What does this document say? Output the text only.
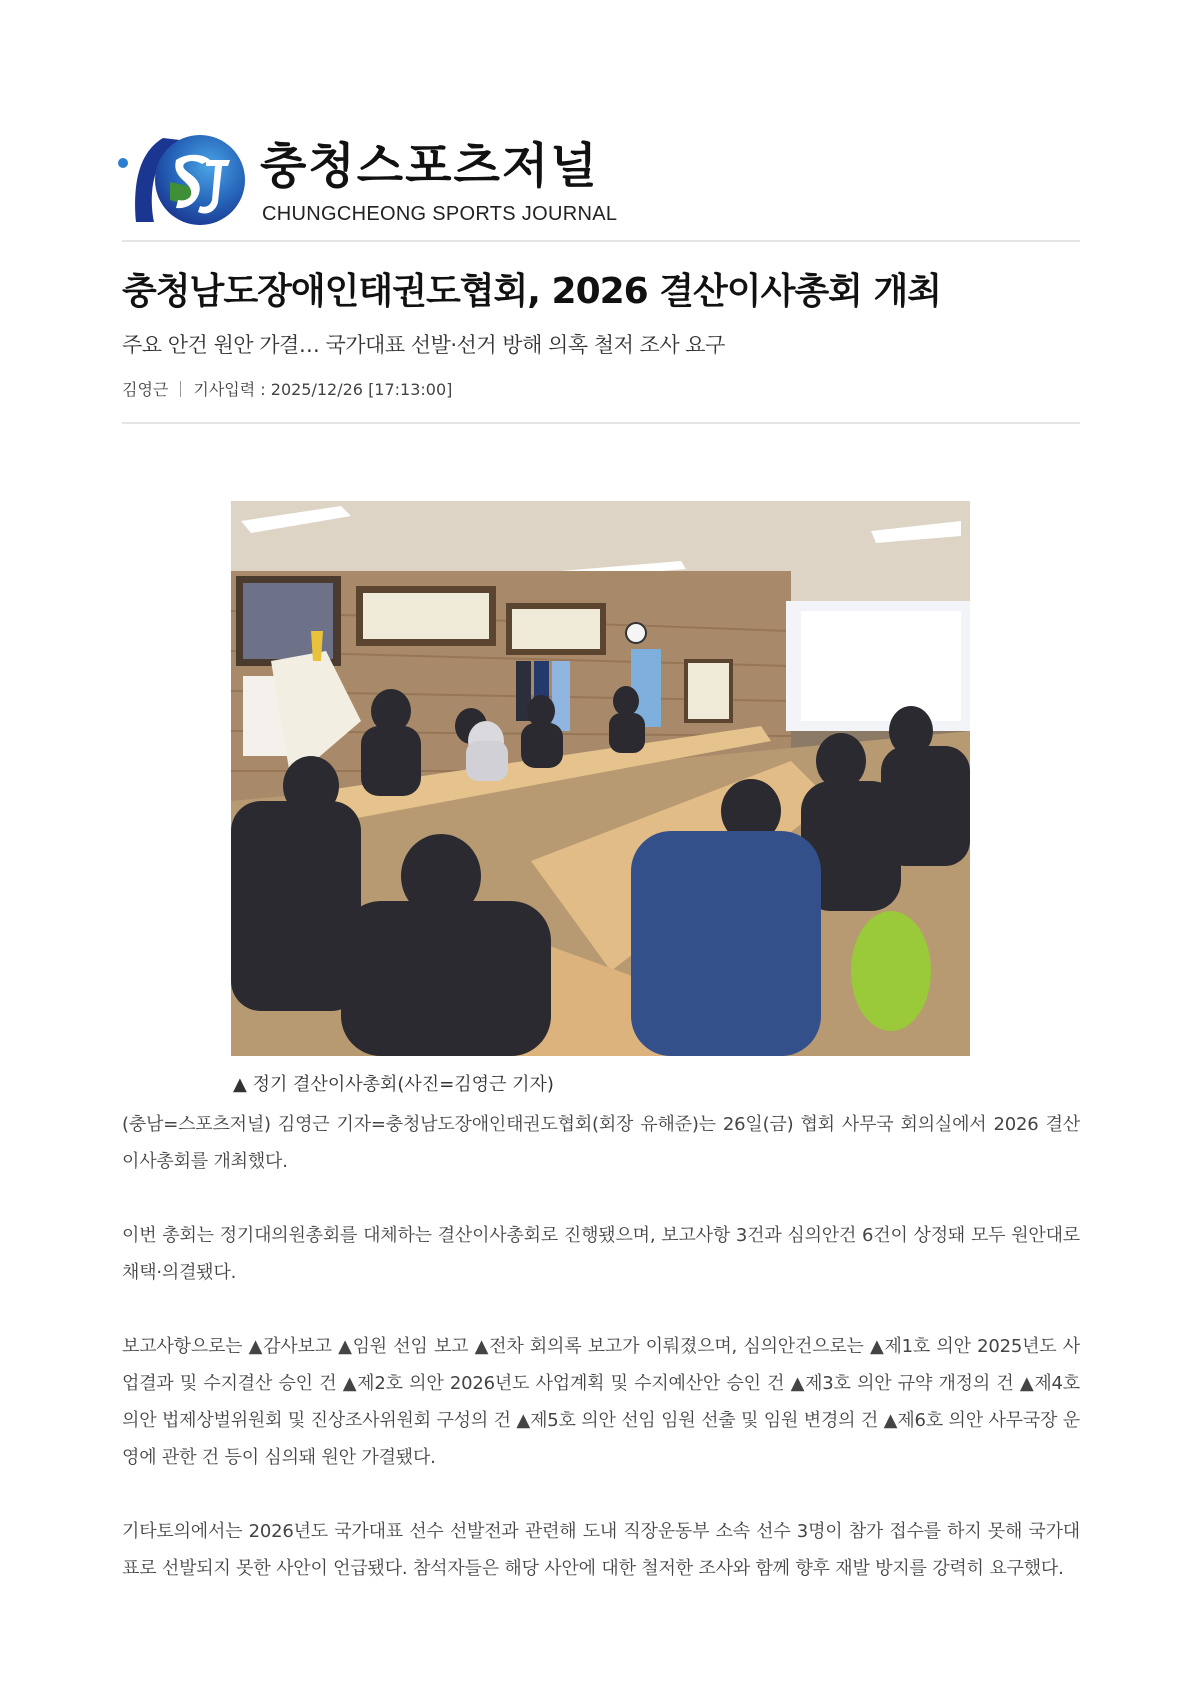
충청스포츠저널
CHUNGCHEONG SPORTS JOURNAL
충청남도장애인태권도협회, 2026 결산이사총회 개최
주요 안건 원안 가결… 국가대표 선발·선거 방해 의혹 철저 조사 요구
김영근 기사입력 : 2025/12/26 [17:13:00]
▲ 정기 결산이사총회(사진=김영근 기자)

(충남=스포츠저널) 김영근 기자=충청남도장애인태권도협회(회장 유해준)는 26일(금) 협회 사무국 회의실에서 2026 결산이사총회를 개최했다.

이번 총회는 정기대의원총회를 대체하는 결산이사총회로 진행됐으며, 보고사항 3건과 심의안건 6건이 상정돼 모두 원안대로 채택·의결됐다.

보고사항으로는 ▲감사보고 ▲임원 선임 보고 ▲전차 회의록 보고가 이뤄졌으며, 심의안건으로는 ▲제1호 의안 2025년도 사업결과 및 수지결산 승인 건 ▲제2호 의안 2026년도 사업계획 및 수지예산안 승인 건 ▲제3호 의안 규약 개정의 건 ▲제4호 의안 법제상벌위원회 및 진상조사위원회 구성의 건 ▲제5호 의안 선임 임원 선출 및 임원 변경의 건 ▲제6호 의안 사무국장 운영에 관한 건 등이 심의돼 원안 가결됐다.

기타토의에서는 2026년도 국가대표 선수 선발전과 관련해 도내 직장운동부 소속 선수 3명이 참가 접수를 하지 못해 국가대표로 선발되지 못한 사안이 언급됐다. 참석자들은 해당 사안에 대한 철저한 조사와 함께 향후 재발 방지를 강력히 요구했다.
